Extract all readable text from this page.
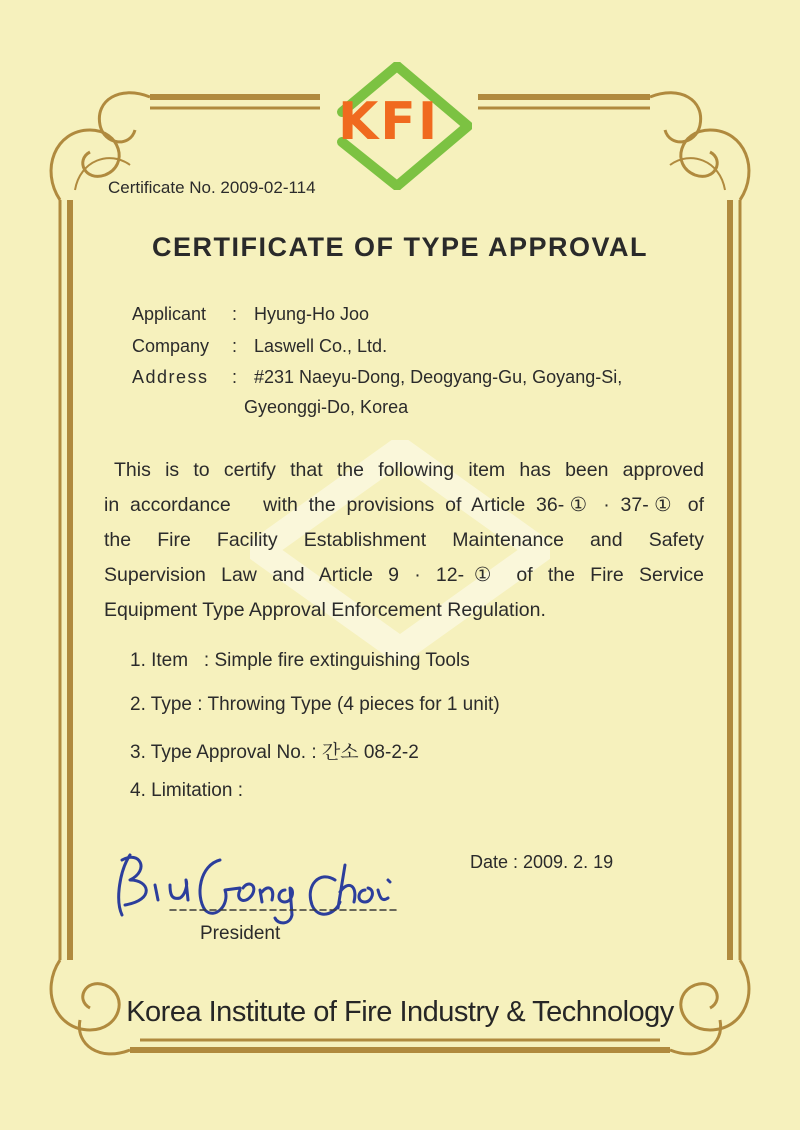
KFI
Certificate No. 2009-02-114
CERTIFICATE OF TYPE APPROVAL
Applicant	: Hyung-Ho Joo
Company	: Laswell Co., Ltd.
Address	: #231 Naeyu-Dong, Deogyang-Gu, Goyang-Si,
Gyeonggi-Do, Korea
This is to certify that the following item has been approved
in accordance   with the provisions of Article 36-① · 37-① of
the Fire Facility Establishment Maintenance and Safety
Supervision Law and Article 9 · 12-① of the Fire Service
Equipment Type Approval Enforcement Regulation.
1. Item   : Simple fire extinguishing Tools
2. Type : Throwing Type (4 pieces for 1 unit)
3. Type Approval No. : 간소 08-2-2
4. Limitation :
Date : 2009. 2. 19
President
Korea Institute of Fire Industry & Technology
